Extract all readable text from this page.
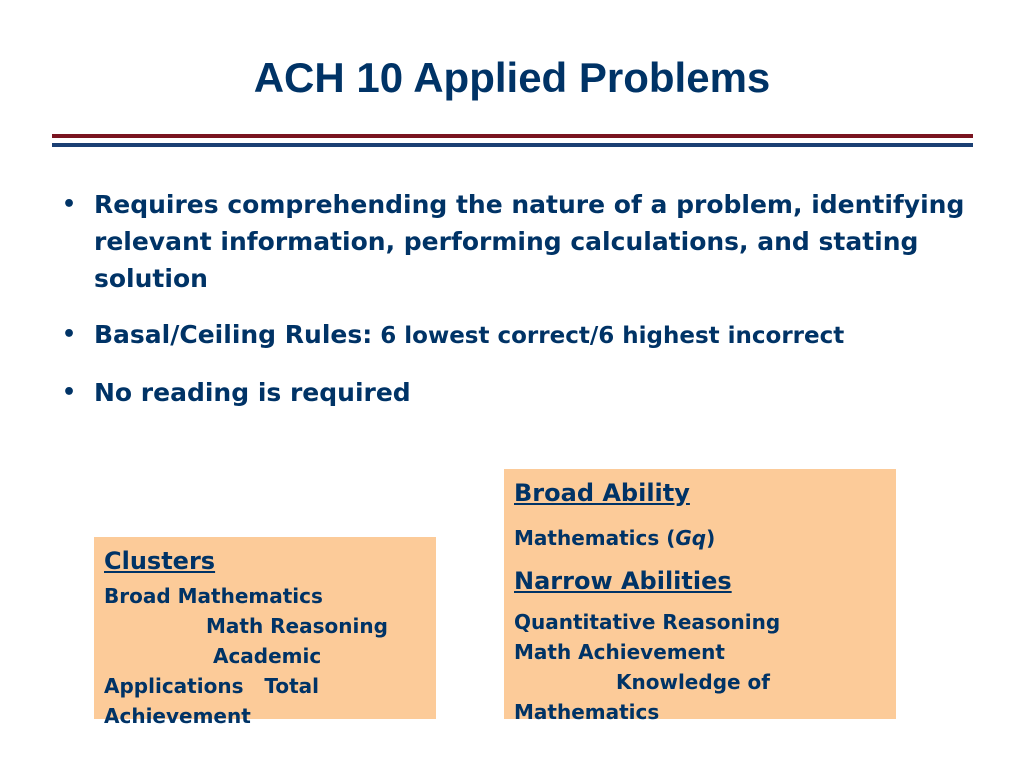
ACH 10 Applied Problems
• Requires comprehending the nature of a problem, identifying relevant information, performing calculations, and stating solution
• Basal/Ceiling Rules: 6 lowest correct/6 highest incorrect
• No reading is required
Clusters
Broad Mathematics
Math Reasoning
Academic
Applications   Total
Achievement
Broad Ability
Mathematics (Gq)
Narrow Abilities
Quantitative Reasoning
Math Achievement
Knowledge of
Mathematics
